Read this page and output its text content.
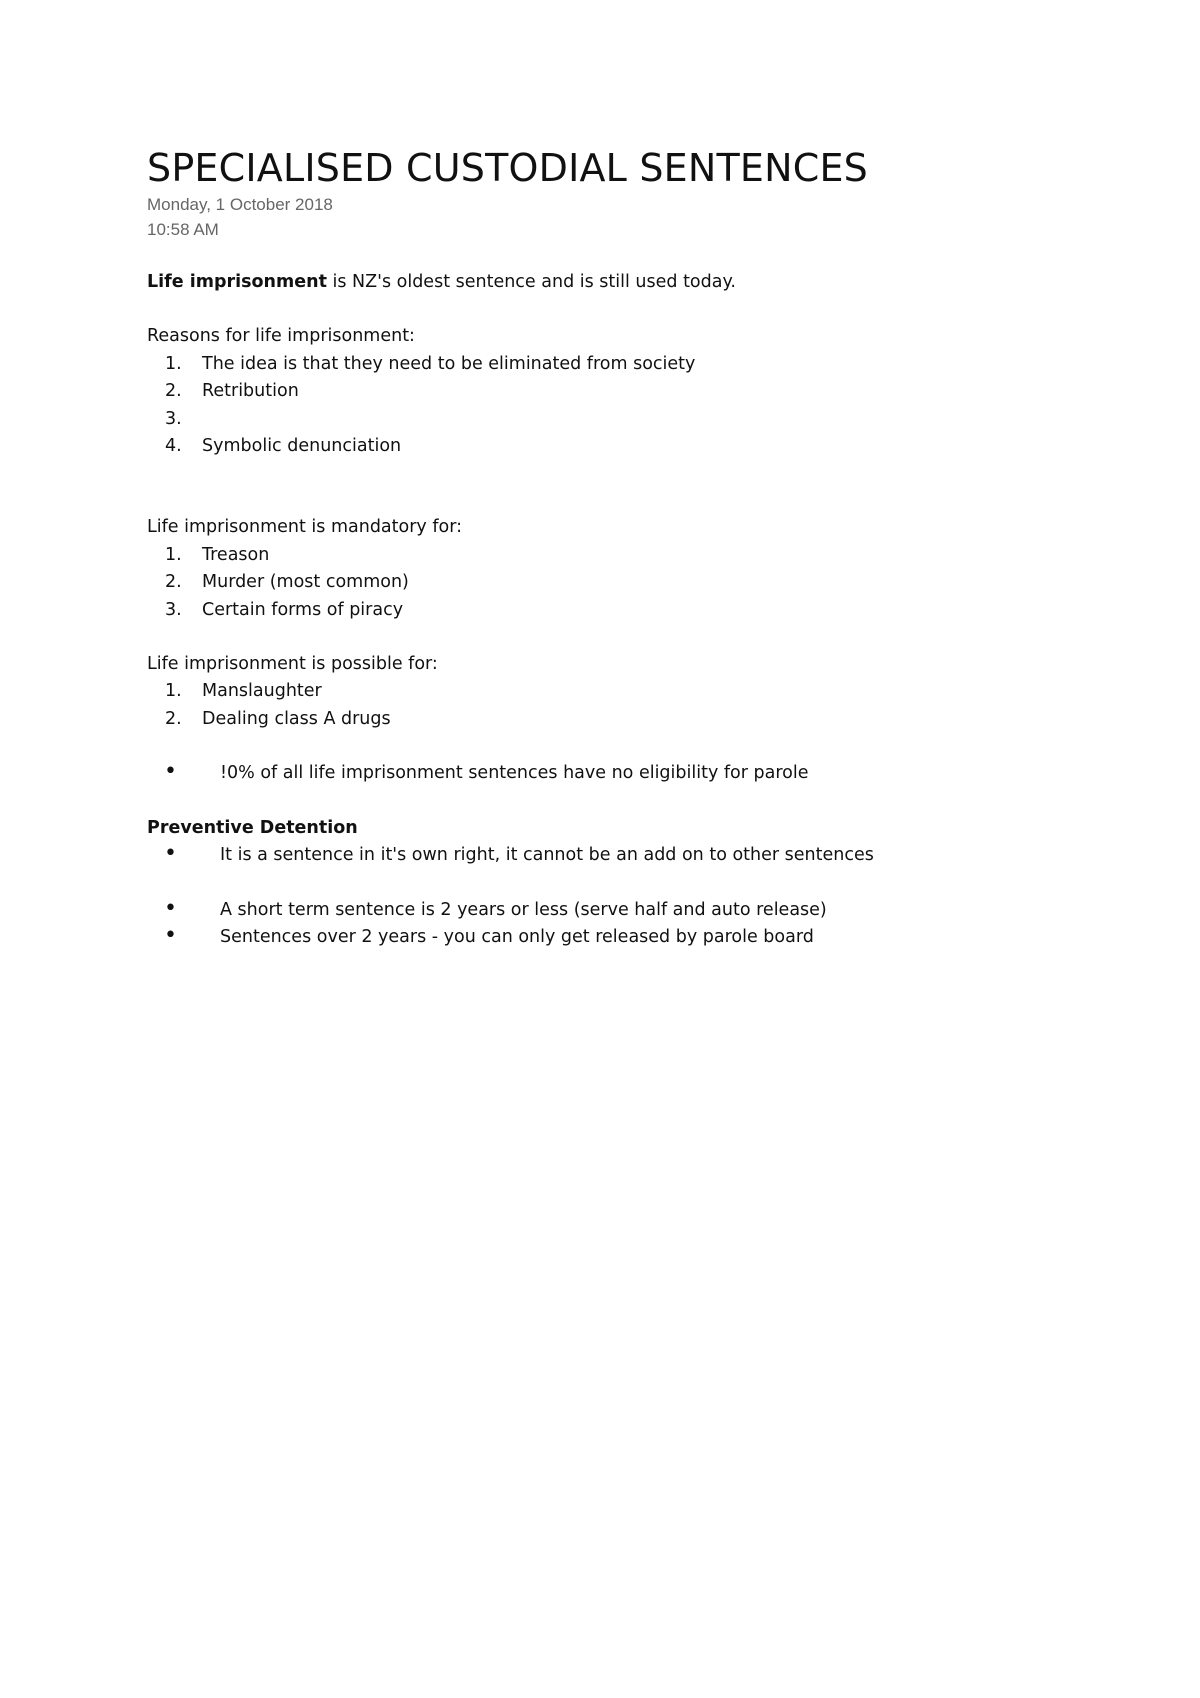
SPECIALISED CUSTODIAL SENTENCES
Monday, 1 October 2018
10:58 AM

Life imprisonment is NZ's oldest sentence and is still used today.

Reasons for life imprisonment:

1.	The idea is that they need to be eliminated from society
2.	Retribution
3.
4.	Symbolic denunciation

Life imprisonment is mandatory for:

1.	Treason
2.	Murder (most common)
3.	Certain forms of piracy

Life imprisonment is possible for:

1.	Manslaughter
2.	Dealing class A drugs
•	!0% of all life imprisonment sentences have no eligibility for parole

Preventive Detention

•	It is a sentence in it's own right, it cannot be an add on to other sentences
•	A short term sentence is 2 years or less (serve half and auto release)
•	Sentences over 2 years - you can only get released by parole board
